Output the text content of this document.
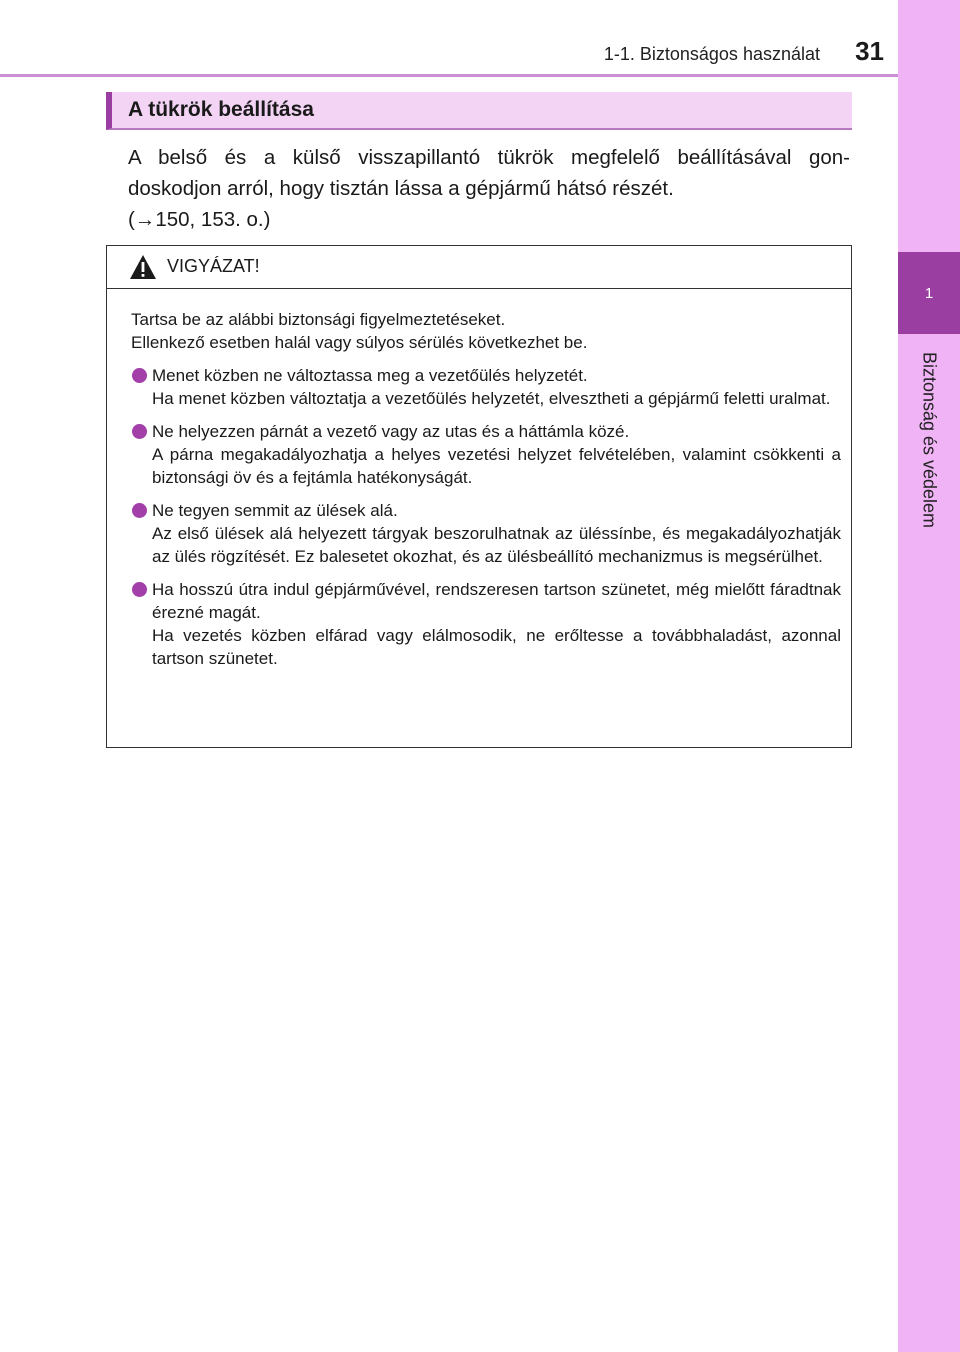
1
Biztonság és védelem
1-1. Biztonságos használat	31
A tükrök beállítása

A belső és a külső visszapillantó tükrök megfelelő beállításával gon-

doskodjon arról, hogy tisztán lássa a gépjármű hátsó részét.

(→150, 153. o.)

VIGYÁZAT!

Tartsa be az alábbi biztonsági figyelmeztetéseket.

Ellenkező esetben halál vagy súlyos sérülés következhet be.

Menet közben ne változtassa meg a vezetőülés helyzetét.

Ha menet közben változtatja a vezetőülés helyzetét, elvesztheti a gépjármű feletti uralmat.

Ne helyezzen párnát a vezető vagy az utas és a háttámla közé.

A párna megakadályozhatja a helyes vezetési helyzet felvételében, valamint csökkenti a biztonsági öv és a fejtámla hatékonyságát.

Ne tegyen semmit az ülések alá.

Az első ülések alá helyezett tárgyak beszorulhatnak az üléssínbe, és megakadályozhatják az ülés rögzítését. Ez balesetet okozhat, és az ülésbeállító mechanizmus is megsérülhet.

Ha hosszú útra indul gépjárművével, rendszeresen tartson szünetet, még mielőtt fáradtnak érezné magát.

Ha vezetés közben elfárad vagy elálmosodik, ne erőltesse a továbbhaladást, azonnal tartson szünetet.
